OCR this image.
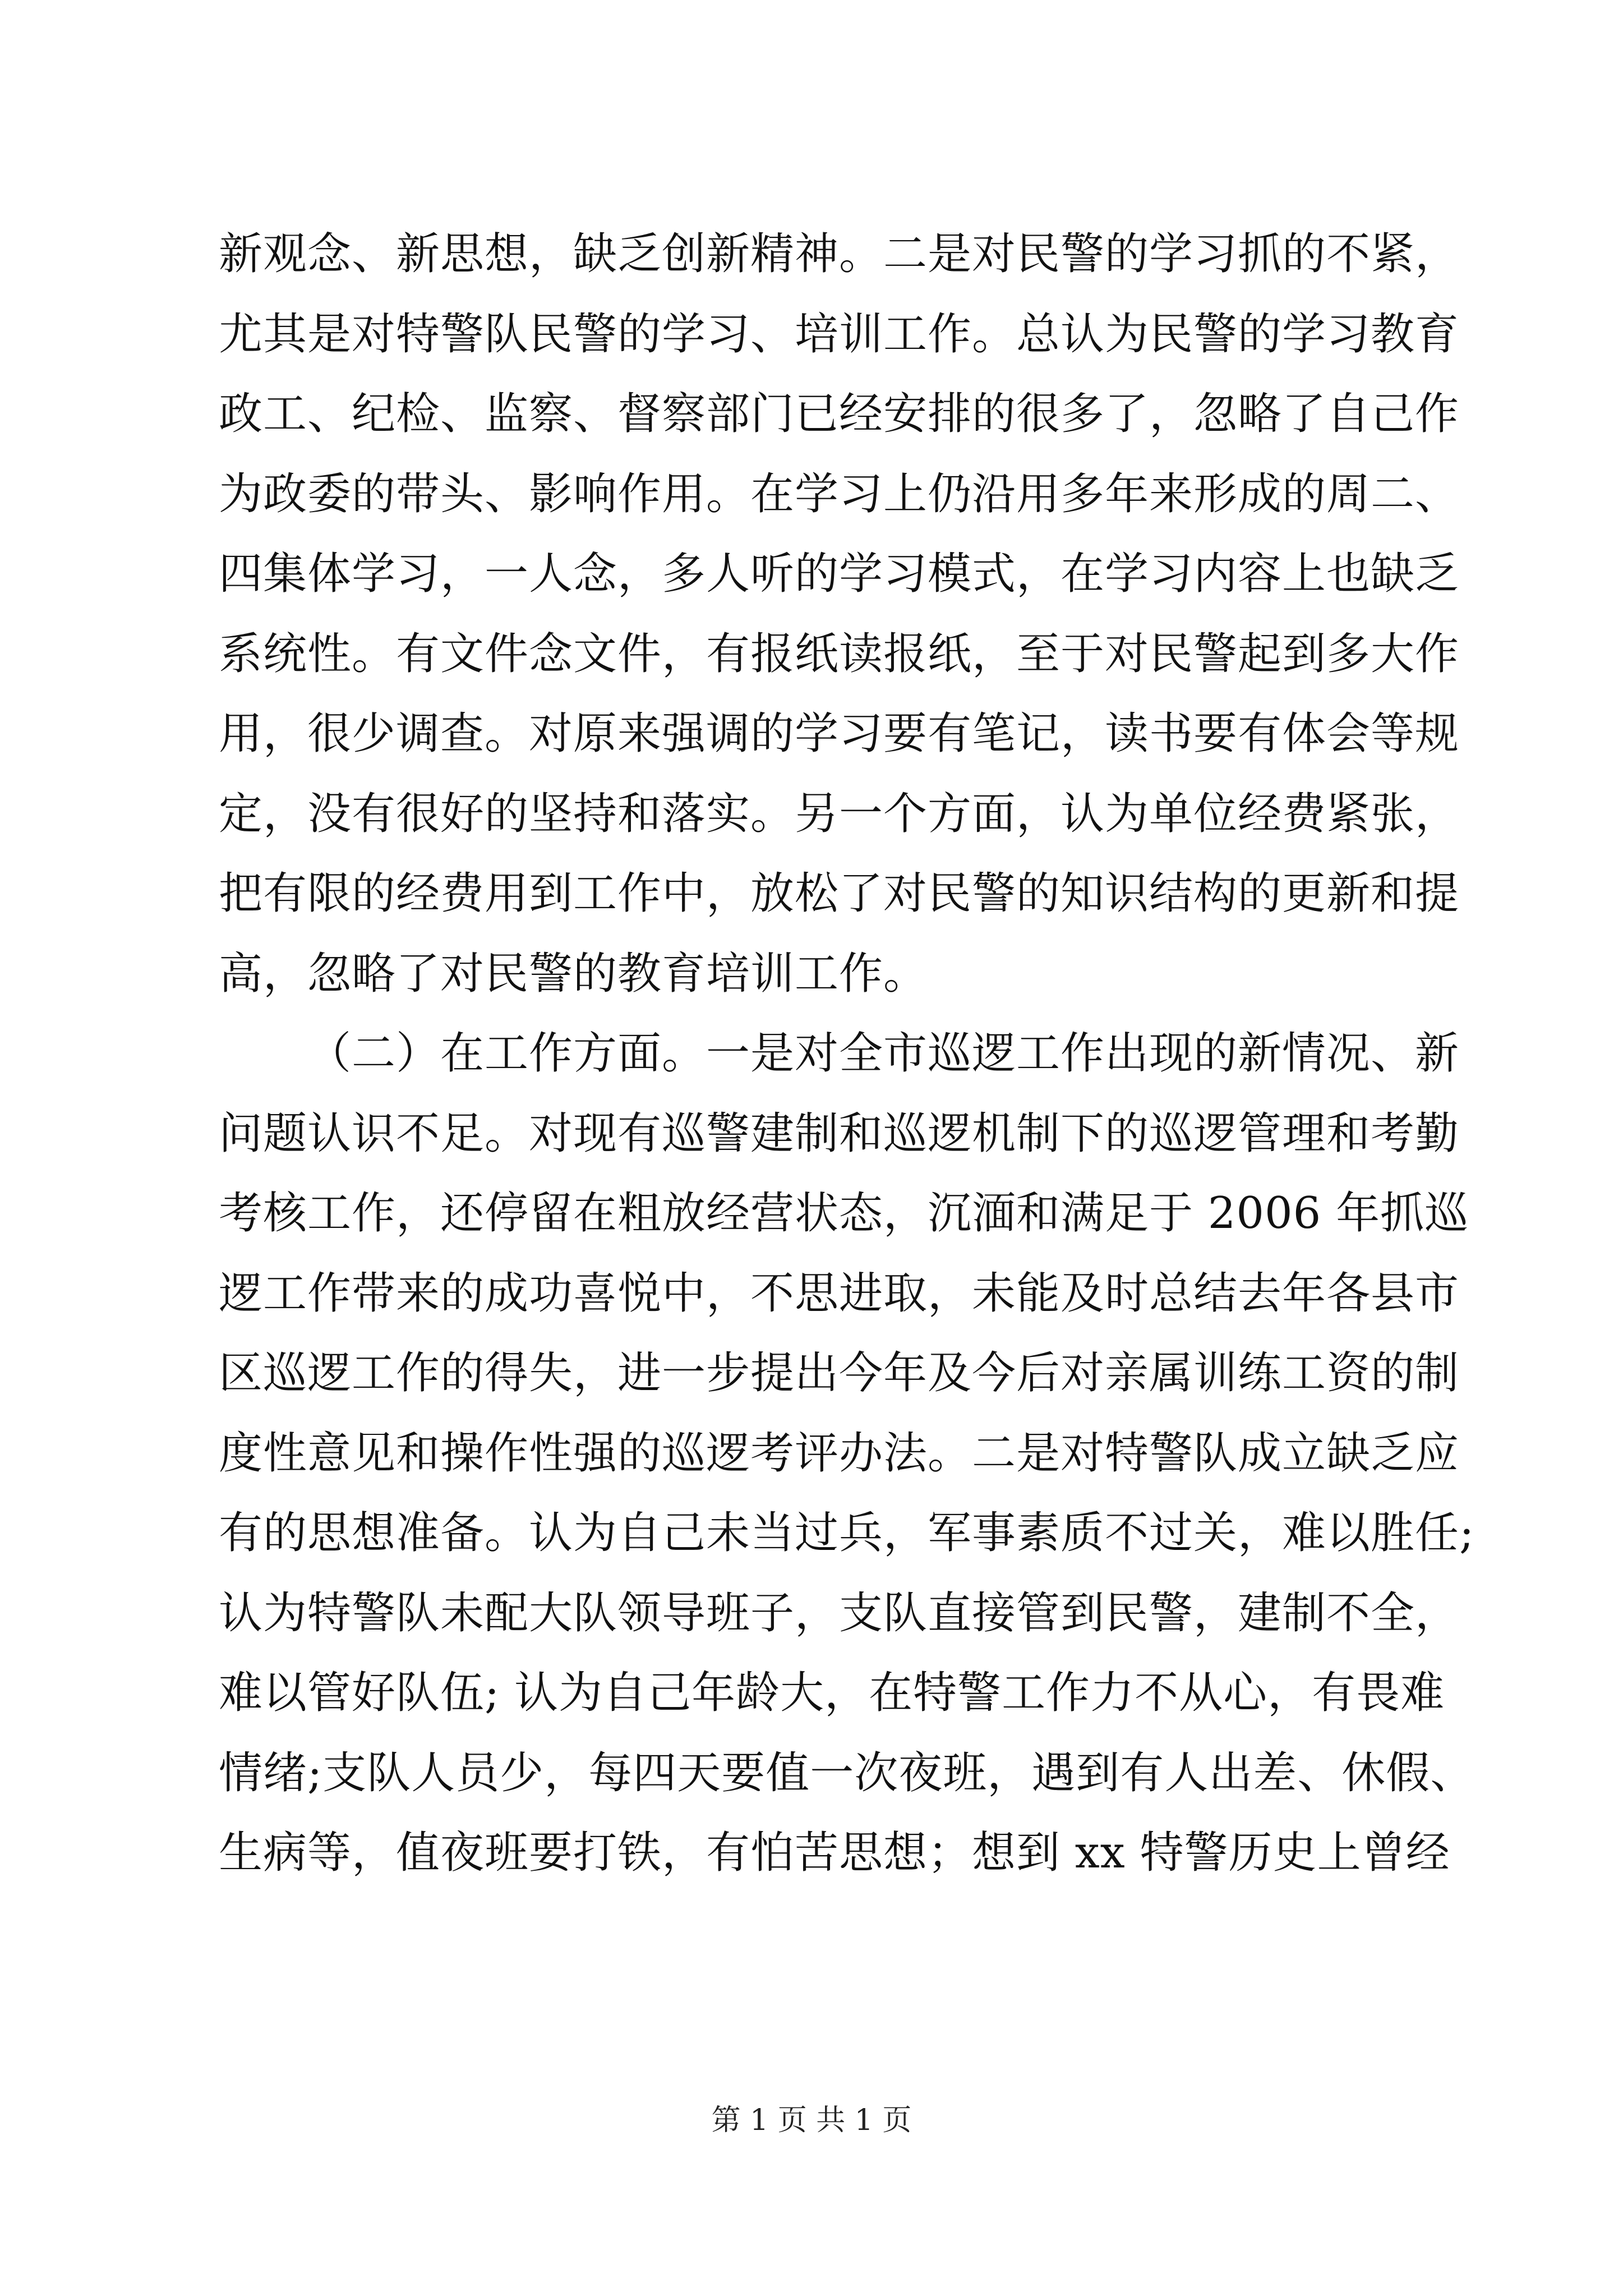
新观念、新思想，缺乏创新精神。二是对民警的学习抓的不紧，
尤其是对特警队民警的学习、培训工作。总认为民警的学习教育
政工、纪检、监察、督察部门已经安排的很多了，忽略了自己作
为政委的带头、影响作用。在学习上仍沿用多年来形成的周二、
四集体学习，一人念，多人听的学习模式，在学习内容上也缺乏
系统性。有文件念文件，有报纸读报纸，至于对民警起到多大作
用，很少调查。对原来强调的学习要有笔记，读书要有体会等规
定，没有很好的坚持和落实。另一个方面，认为单位经费紧张，
把有限的经费用到工作中，放松了对民警的知识结构的更新和提
高，忽略了对民警的教育培训工作。
（二）在工作方面。一是对全市巡逻工作出现的新情况、新
问题认识不足。对现有巡警建制和巡逻机制下的巡逻管理和考勤
考核工作，还停留在粗放经营状态，沉湎和满足于 2006 年抓巡
逻工作带来的成功喜悦中，不思进取，未能及时总结去年各县市
区巡逻工作的得失，进一步提出今年及今后对亲属训练工资的制
度性意见和操作性强的巡逻考评办法。二是对特警队成立缺乏应
有的思想准备。认为自己未当过兵，军事素质不过关，难以胜任;
认为特警队未配大队领导班子，支队直接管到民警，建制不全，
难以管好队伍; 认为自己年龄大，在特警工作力不从心，有畏难
情绪;支队人员少，每四天要值一次夜班，遇到有人出差、休假、
生病等，值夜班要打铁，有怕苦思想；想到 xx 特警历史上曾经
第 1 页 共 1 页
